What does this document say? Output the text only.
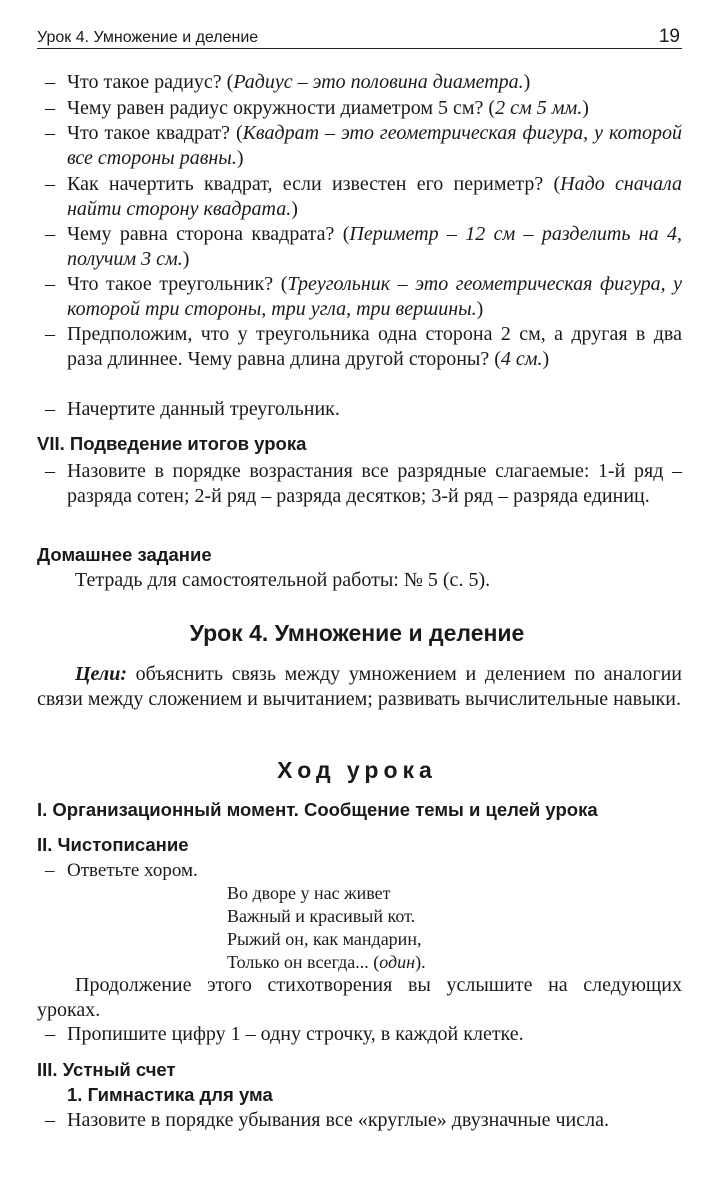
Урок 4. Умножение и деление	19
– Что такое радиус? (Радиус – это половина диаметра.)
– Чему равен радиус окружности диаметром 5 см? (2 см 5 мм.)
– Что такое квадрат? (Квадрат – это геометрическая фигура, у которой все стороны равны.)
– Как начертить квадрат, если известен его периметр? (Надо сначала найти сторону квадрата.)
– Чему равна сторона квадрата? (Периметр – 12 см – разделить на 4, получим 3 см.)
– Что такое треугольник? (Треугольник – это геометрическая фигура, у которой три стороны, три угла, три вершины.)
– Предположим, что у треугольника одна сторона 2 см, а другая в два раза длиннее. Чему равна длина другой стороны? (4 см.)
– Начертите данный треугольник.
VII. Подведение итогов урока
– Назовите в порядке возрастания все разрядные слагаемые: 1-й ряд – разряда сотен; 2-й ряд – разряда десятков; 3-й ряд – разряда единиц.
Домашнее задание
Тетрадь для самостоятельной работы: № 5 (с. 5).
Урок 4. Умножение и деление
Цели: объяснить связь между умножением и делением по аналогии связи между сложением и вычитанием; развивать вычислительные навыки.
Ход урока
I. Организационный момент. Сообщение темы и целей урока
II. Чистописание
– Ответьте хором.
Во дворе у нас живет
Важный и красивый кот.
Рыжий он, как мандарин,
Только он всегда... (один).
Продолжение этого стихотворения вы услышите на следующих уроках.
– Пропишите цифру 1 – одну строчку, в каждой клетке.
III. Устный счет
1. Гимнастика для ума
– Назовите в порядке убывания все «круглые» двузначные числа.
